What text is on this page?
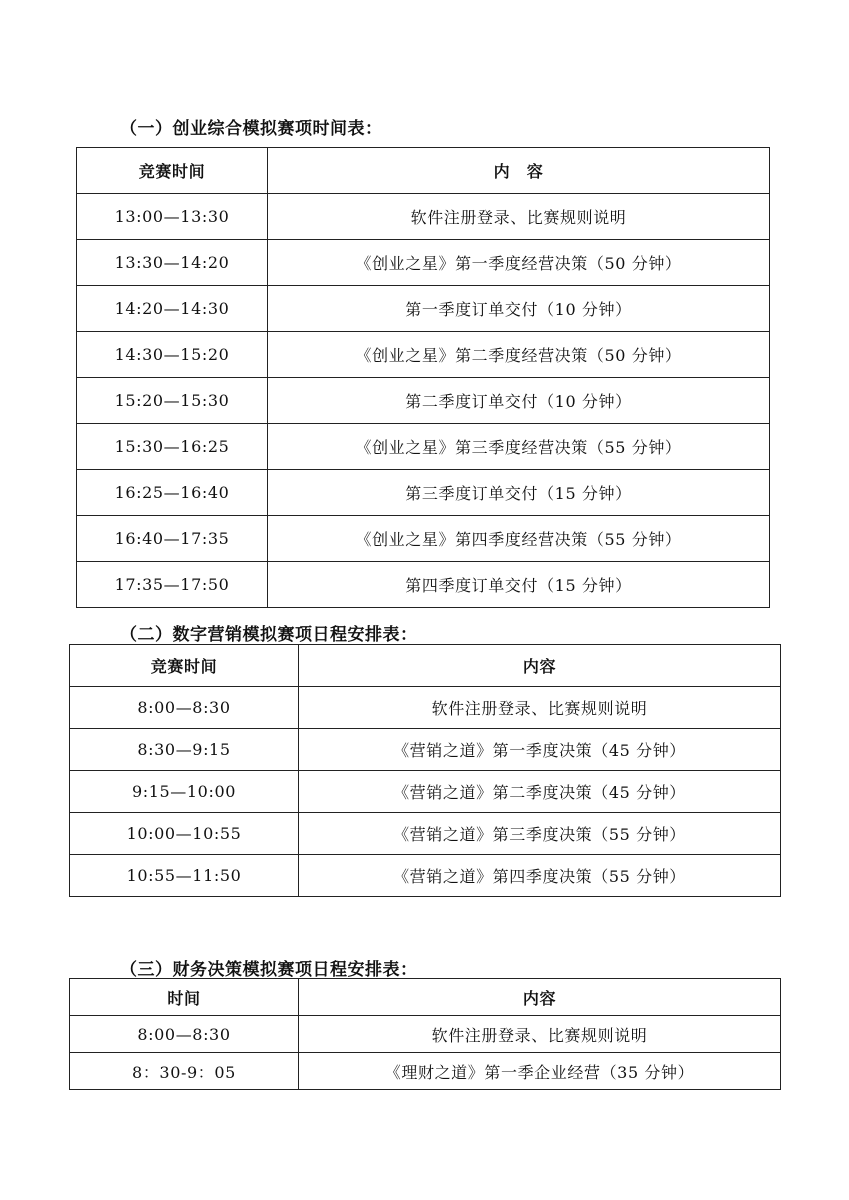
（一）创业综合模拟赛项时间表：
竞赛时间	内　容
13:00—13:30	软件注册登录、比赛规则说明
13:30—14:20	《创业之星》第一季度经营决策（50 分钟）
14:20—14:30	第一季度订单交付（10 分钟）
14:30—15:20	《创业之星》第二季度经营决策（50 分钟）
15:20—15:30	第二季度订单交付（10 分钟）
15:30—16:25	《创业之星》第三季度经营决策（55 分钟）
16:25—16:40	第三季度订单交付（15 分钟）
16:40—17:35	《创业之星》第四季度经营决策（55 分钟）
17:35—17:50	第四季度订单交付（15 分钟）
（二）数字营销模拟赛项日程安排表：
竞赛时间	内容
8:00—8:30	软件注册登录、比赛规则说明
8:30—9:15	《营销之道》第一季度决策（45 分钟）
9:15—10:00	《营销之道》第二季度决策（45 分钟）
10:00—10:55	《营销之道》第三季度决策（55 分钟）
10:55—11:50	《营销之道》第四季度决策（55 分钟）
（三）财务决策模拟赛项日程安排表：
时间	内容
8:00—8:30	软件注册登录、比赛规则说明
8：30-9：05	《理财之道》第一季企业经营（35 分钟）
